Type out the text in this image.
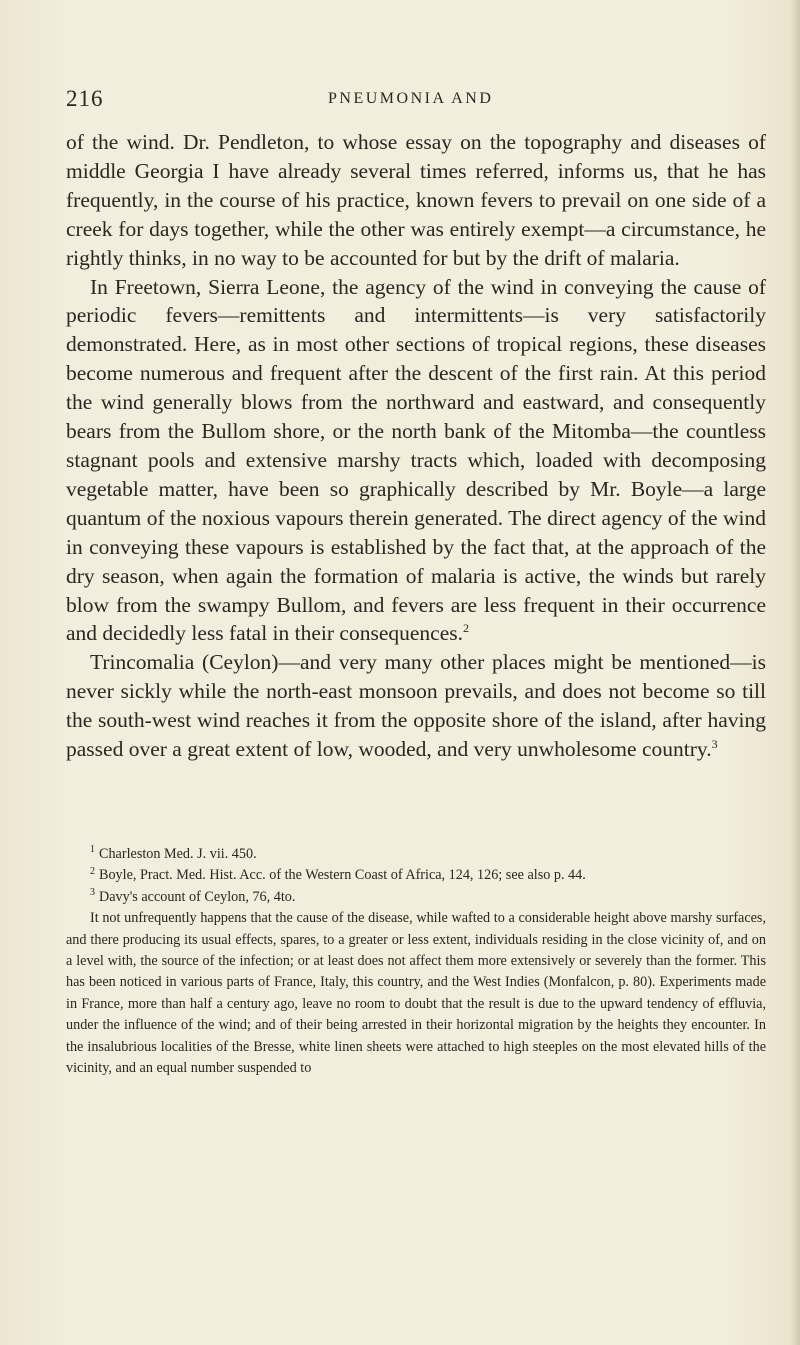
216	PNEUMONIA AND

of the wind. Dr. Pendleton, to whose essay on the topography and diseases of middle Georgia I have already several times referred, informs us, that he has frequently, in the course of his practice, known fevers to prevail on one side of a creek for days together, while the other was entirely exempt—a circumstance, he rightly thinks, in no way to be accounted for but by the drift of malaria.

In Freetown, Sierra Leone, the agency of the wind in conveying the cause of periodic fevers—remittents and intermittents—is very satisfactorily demonstrated. Here, as in most other sections of tropical regions, these diseases become numerous and frequent after the descent of the first rain. At this period the wind generally blows from the northward and eastward, and consequently bears from the Bullom shore, or the north bank of the Mitomba—the countless stagnant pools and extensive marshy tracts which, loaded with decomposing vegetable matter, have been so graphically described by Mr. Boyle—a large quantum of the noxious vapours therein generated. The direct agency of the wind in conveying these vapours is established by the fact that, at the approach of the dry season, when again the formation of malaria is active, the winds but rarely blow from the swampy Bullom, and fevers are less frequent in their occurrence and decidedly less fatal in their consequences.$^2$

Trincomalia (Ceylon)—and very many other places might be mentioned—is never sickly while the north-east monsoon prevails, and does not become so till the south-west wind reaches it from the opposite shore of the island, after having passed over a great extent of low, wooded, and very unwholesome country.$^3$

$^1$ Charleston Med. J. vii. 450.

$^2$ Boyle, Pract. Med. Hist. Acc. of the Western Coast of Africa, 124, 126; see also p. 44.

$^3$ Davy's account of Ceylon, 76, 4to.

It not unfrequently happens that the cause of the disease, while wafted to a considerable height above marshy surfaces, and there producing its usual effects, spares, to a greater or less extent, individuals residing in the close vicinity of, and on a level with, the source of the infection; or at least does not affect them more extensively or severely than the former. This has been noticed in various parts of France, Italy, this country, and the West Indies (Monfalcon, p. 80). Experiments made in France, more than half a century ago, leave no room to doubt that the result is due to the upward tendency of effluvia, under the influence of the wind; and of their being arrested in their horizontal migration by the heights they encounter. In the insalubrious localities of the Bresse, white linen sheets were attached to high steeples on the most elevated hills of the vicinity, and an equal number suspended to
